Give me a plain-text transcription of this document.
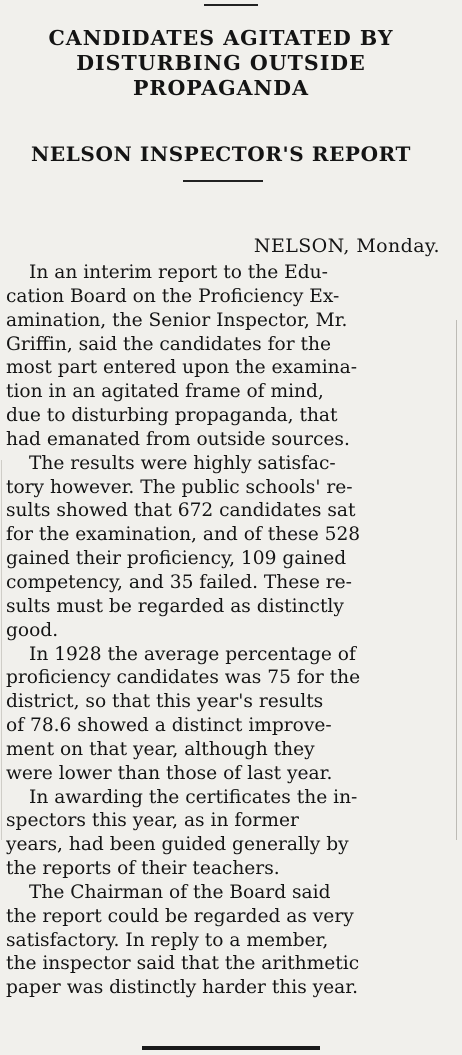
CANDIDATES AGITATED BY
DISTURBING OUTSIDE
PROPAGANDA
NELSON INSPECTOR'S REPORT

NELSON, Monday.

In an interim report to the Edu-
cation Board on the Proficiency Ex-
amination, the Senior Inspector, Mr.
Griffin, said the candidates for the
most part entered upon the examina-
tion in an agitated frame of mind,
due to disturbing propaganda, that
had emanated from outside sources.

The results were highly satisfac-
tory however. The public schools' re-
sults showed that 672 candidates sat
for the examination, and of these 528
gained their proficiency, 109 gained
competency, and 35 failed. These re-
sults must be regarded as distinctly
good.

In 1928 the average percentage of
proficiency candidates was 75 for the
district, so that this year's results
of 78.6 showed a distinct improve-
ment on that year, although they
were lower than those of last year.

In awarding the certificates the in-
spectors this year, as in former
years, had been guided generally by
the reports of their teachers.

The Chairman of the Board said
the report could be regarded as very
satisfactory. In reply to a member,
the inspector said that the arithmetic
paper was distinctly harder this year.
